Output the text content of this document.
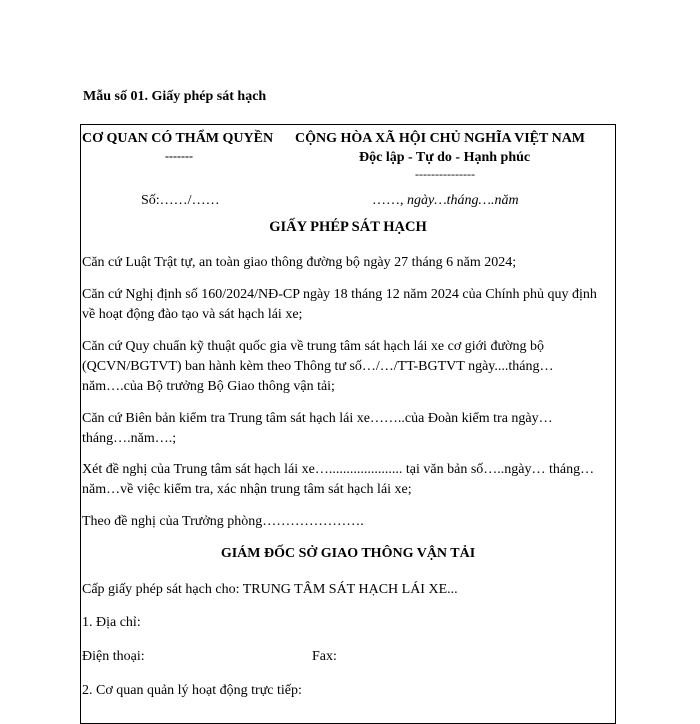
Mẫu số 01. Giấy phép sát hạch
CƠ QUAN CÓ THẨM QUYỀN
-------
CỘNG HÒA XÃ HỘI CHỦ NGHĨA VIỆT NAM
Độc lập - Tự do - Hạnh phúc
---------------
Số:……/……	……, ngày…tháng….năm
GIẤY PHÉP SÁT HẠCH
Căn cứ Luật Trật tự, an toàn giao thông đường bộ ngày 27 tháng 6 năm 2024;
Căn cứ Nghị định số 160/2024/NĐ-CP ngày 18 tháng 12 năm 2024 của Chính phủ quy định về hoạt động đào tạo và sát hạch lái xe;
Căn cứ Quy chuẩn kỹ thuật quốc gia về trung tâm sát hạch lái xe cơ giới đường bộ (QCVN/BGTVT) ban hành kèm theo Thông tư số…/…/TT-BGTVT ngày....tháng… năm….của Bộ trưởng Bộ Giao thông vận tải;
Căn cứ Biên bản kiểm tra Trung tâm sát hạch lái xe……..của Đoàn kiểm tra ngày… tháng….năm….;
Xét đề nghị của Trung tâm sát hạch lái xe…..................... tại văn bản số…..ngày… tháng… năm…về việc kiểm tra, xác nhận trung tâm sát hạch lái xe;
Theo đề nghị của Trưởng phòng………………….
GIÁM ĐỐC SỞ GIAO THÔNG VẬN TẢI
Cấp giấy phép sát hạch cho: TRUNG TÂM SÁT HẠCH LÁI XE...
1. Địa chỉ:
Điện thoại:	Fax:
2. Cơ quan quản lý hoạt động trực tiếp:
